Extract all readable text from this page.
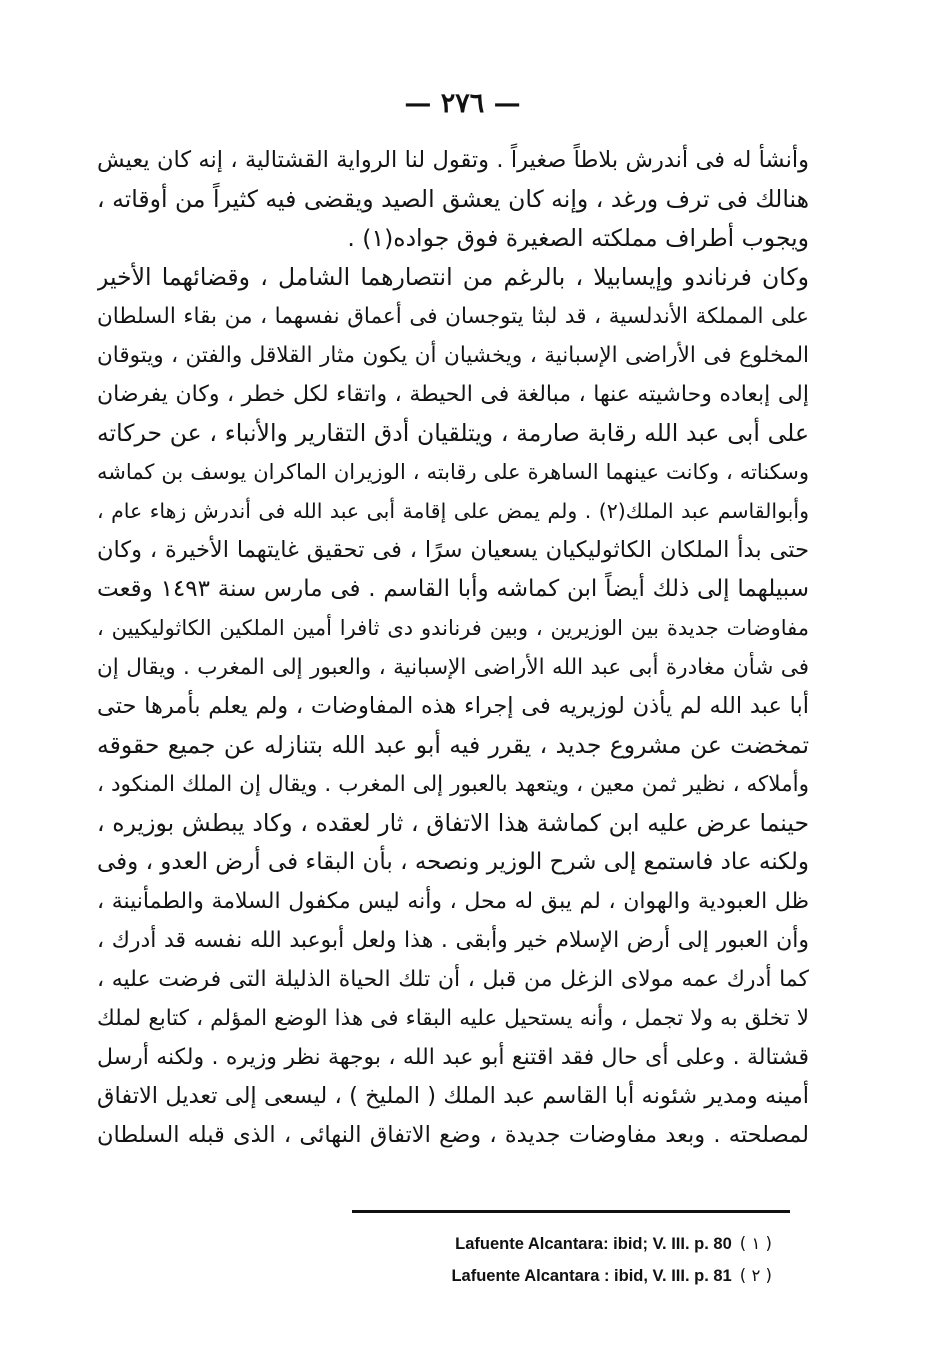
— ٢٧٦ —
وأنشأ له فى أندرش بلاطاً صغيراً . وتقول لنا الرواية القشتالية ، إنه كان يعيش
هنالك فى ترف ورغد ، وإنه كان يعشق الصيد ويقضى فيه كثيراً من أوقاته ،
ويجوب أطراف مملكته الصغيرة فوق جواده(١) .
وكان فرناندو وإيسابيلا ، بالرغم من انتصارهما الشامل ، وقضائهما الأخير
على المملكة الأندلسية ، قد لبثا يتوجسان فى أعماق نفسهما ، من بقاء السلطان
المخلوع فى الأراضى الإسبانية ، ويخشيان أن يكون مثار القلاقل والفتن ، ويتوقان
إلى إبعاده وحاشيته عنها ، مبالغة فى الحيطة ، واتقاء لكل خطر ، وكان يفرضان
على أبى عبد الله رقابة صارمة ، ويتلقيان أدق التقارير والأنباء ، عن حركاته
وسكناته ، وكانت عينهما الساهرة على رقابته ، الوزيران الماكران يوسف بن كماشه
وأبوالقاسم عبد الملك(٢) . ولم يمض على إقامة أبى عبد الله فى أندرش زهاء عام ،
حتى بدأ الملكان الكاثوليكيان يسعيان سرًا ، فى تحقيق غايتهما الأخيرة ، وكان
سبيلهما إلى ذلك أيضاً ابن كماشه وأبا القاسم . فى مارس سنة ١٤٩٣ وقعت
مفاوضات جديدة بين الوزيرين ، وبين فرناندو دى ثافرا أمين الملكين الكاثوليكيين ،
فى شأن مغادرة أبى عبد الله الأراضى الإسبانية ، والعبور إلى المغرب . ويقال إن
أبا عبد الله لم يأذن لوزيريه فى إجراء هذه المفاوضات ، ولم يعلم بأمرها حتى
تمخضت عن مشروع جديد ، يقرر فيه أبو عبد الله بتنازله عن جميع حقوقه
وأملاكه ، نظير ثمن معين ، ويتعهد بالعبور إلى المغرب . ويقال إن الملك المنكود ،
حينما عرض عليه ابن كماشة هذا الاتفاق ، ثار لعقده ، وكاد يبطش بوزيره ،
ولكنه عاد فاستمع إلى شرح الوزير ونصحه ، بأن البقاء فى أرض العدو ، وفى
ظل العبودية والهوان ، لم يبق له محل ، وأنه ليس مكفول السلامة والطمأنينة ،
وأن العبور إلى أرض الإسلام خير وأبقى . هذا ولعل أبوعبد الله نفسه قد أدرك ،
كما أدرك عمه مولاى الزغل من قبل ، أن تلك الحياة الذليلة التى فرضت عليه ،
لا تخلق به ولا تجمل ، وأنه يستحيل عليه البقاء فى هذا الوضع المؤلم ، كتابع لملك
قشتالة . وعلى أى حال فقد اقتنع أبو عبد الله ، بوجهة نظر وزيره . ولكنه أرسل
أمينه ومدير شئونه أبا القاسم عبد الملك ( المليخ ) ، ليسعى إلى تعديل الاتفاق
لمصلحته . وبعد مفاوضات جديدة ، وضع الاتفاق النهائى ، الذى قبله السلطان
Lafuente Alcantara: ibid; V. III. p. 80 ( ١ )
Lafuente Alcantara : ibid, V. III. p. 81 ( ٢ )
